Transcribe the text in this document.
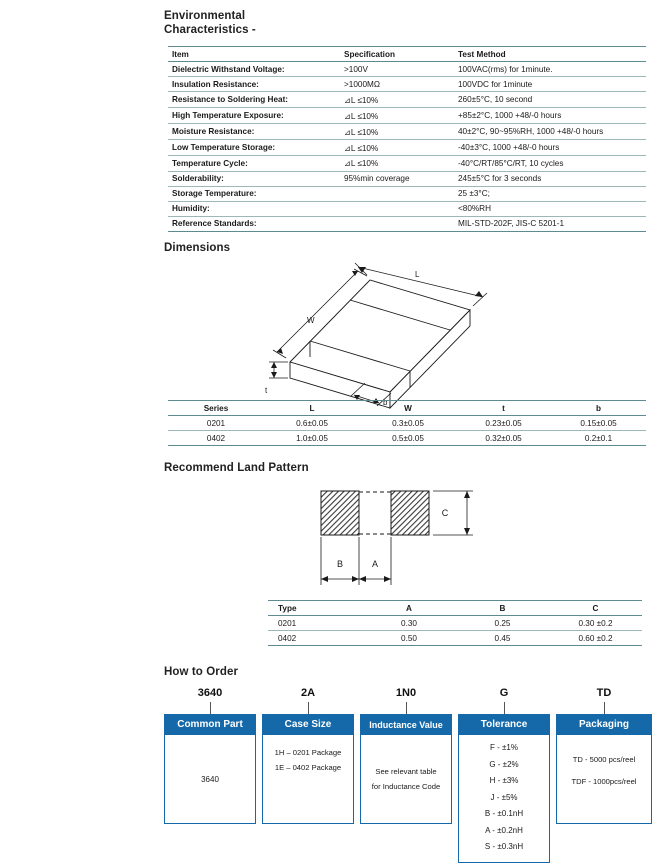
Environmental
Characteristics -
Item	Specification	Test Method
Dielectric Withstand Voltage:	>100V	100VAC(rms) for 1minute.
Insulation Resistance:	>1000MΩ	100VDC for 1minute
Resistance to Soldering Heat:	⊿L ≤10%	260±5°C, 10 second
High Temperature Exposure:	⊿L ≤10%	+85±2°C, 1000 +48/-0 hours
Moisture Resistance:	⊿L ≤10%	40±2°C, 90~95%RH, 1000 +48/-0 hours
Low Temperature Storage:	⊿L ≤10%	-40±3°C, 1000 +48/-0 hours
Temperature Cycle:	⊿L ≤10%	-40°C/RT/85°C/RT, 10 cycles
Solderability:	95%min coverage	245±5°C for 3 seconds
Storage Temperature:		25 ±3°C;
Humidity:		<80%RH
Reference Standards:		MIL-STD-202F, JIS-C 5201-1
Dimensions
L
W
t
b
Series	L	W	t	b
0201	0.6±0.05	0.3±0.05	0.23±0.05	0.15±0.05
0402	1.0±0.05	0.5±0.05	0.32±0.05	0.2±0.1
Recommend Land Pattern
C
B	A
Type	A	B	C
0201	0.30	0.25	0.30 ±0.2
0402	0.50	0.45	0.60 ±0.2
How to Order
3640
Common Part
3640
2A
Case Size
1H – 0201 Package
1E – 0402 Package
1N0
Inductance Value
See relevant table
for Inductance Code
G
Tolerance
F - ±1%
G - ±2%
H - ±3%
J - ±5%
B - ±0.1nH
A - ±0.2nH
S - ±0.3nH
TD
Packaging
TD - 5000 pcs/reel
TDF - 1000pcs/reel
